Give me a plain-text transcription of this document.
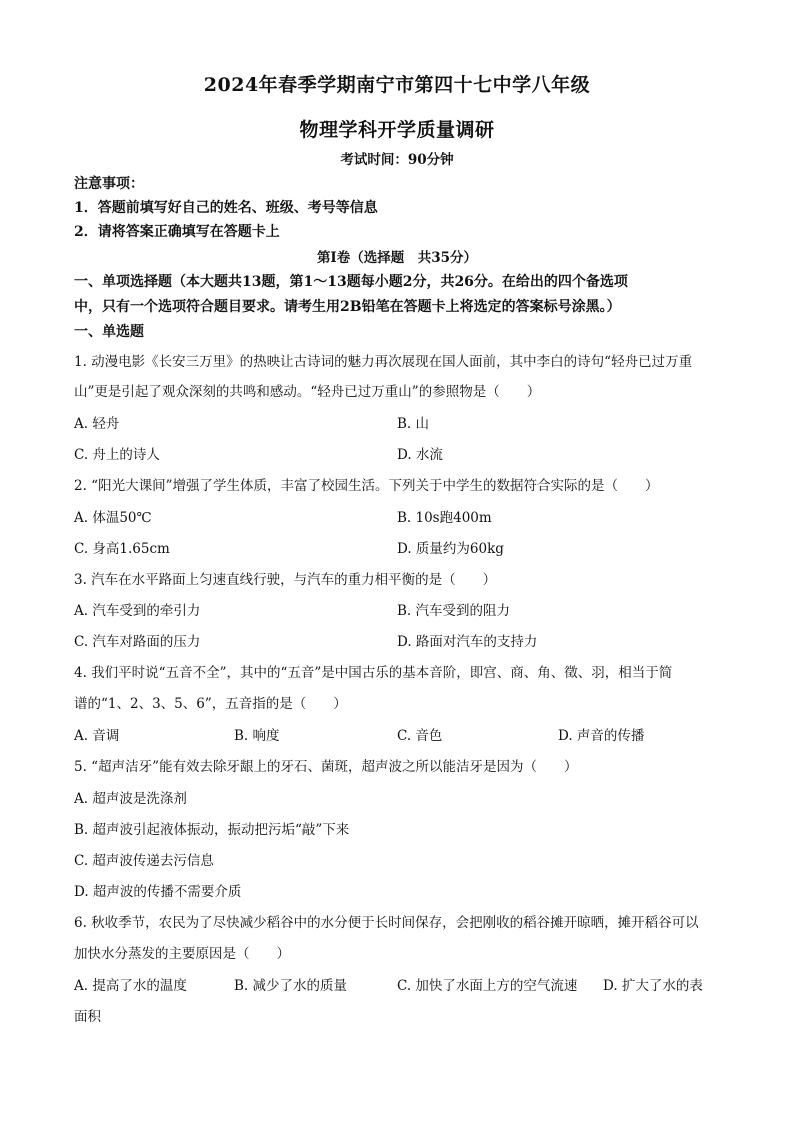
2024年春季学期南宁市第四十七中学八年级
物理学科开学质量调研
考试时间：90分钟
注意事项：
1．答题前填写好自己的姓名、班级、考号等信息
2．请将答案正确填写在答题卡上
第Ⅰ卷（选择题　共35分）
一、单项选择题（本大题共13题，第1～13题每小题2分，共26分。在给出的四个备选项
中，只有一个选项符合题目要求。请考生用2B铅笔在答题卡上将选定的答案标号涂黑。）
一、单选题
1. 动漫电影《长安三万里》的热映让古诗词的魅力再次展现在国人面前，其中李白的诗句“轻舟已过万重
山”更是引起了观众深刻的共鸣和感动。“轻舟已过万重山”的参照物是（　　）
A. 轻舟	B. 山
C. 舟上的诗人	D. 水流
2. “阳光大课间”增强了学生体质，丰富了校园生活。下列关于中学生的数据符合实际的是（　　）
A. 体温50℃	B. 10s跑400m
C. 身高1.65cm	D. 质量约为60kg
3. 汽车在水平路面上匀速直线行驶，与汽车的重力相平衡的是（　　）
A. 汽车受到的牵引力	B. 汽车受到的阻力
C. 汽车对路面的压力	D. 路面对汽车的支持力
4. 我们平时说“五音不全”，其中的“五音”是中国古乐的基本音阶，即宫、商、角、徵、羽，相当于简
谱的“1、2、3、5、6”，五音指的是（　　）
A. 音调	B. 响度	C. 音色	D. 声音的传播
5. “超声洁牙”能有效去除牙龈上的牙石、菌斑，超声波之所以能洁牙是因为（　　）
A. 超声波是洗涤剂
B. 超声波引起液体振动，振动把污垢“敲”下来
C. 超声波传递去污信息
D. 超声波的传播不需要介质
6. 秋收季节，农民为了尽快减少稻谷中的水分便于长时间保存，会把刚收的稻谷摊开晾晒，摊开稻谷可以
加快水分蒸发的主要原因是（　　）
A. 提高了水的温度	B. 减少了水的质量	C. 加快了水面上方的空气流速 D. 扩大了水的表
面积
